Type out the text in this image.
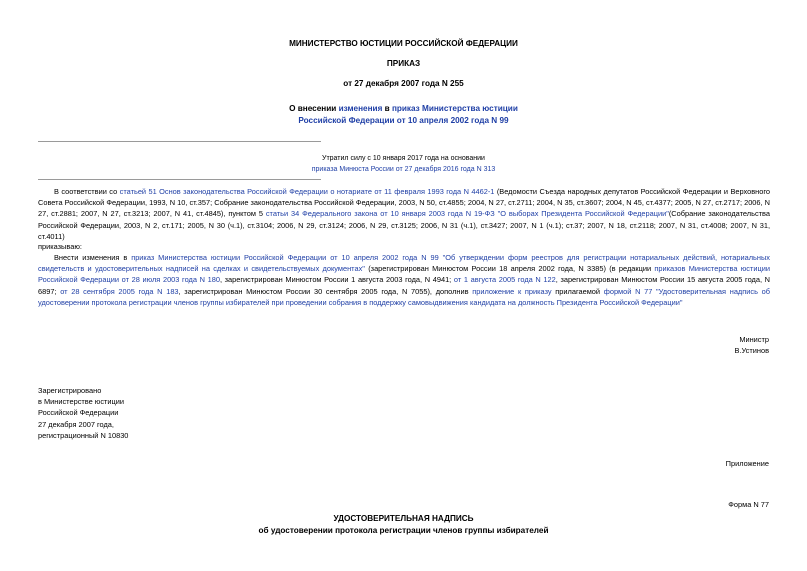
МИНИСТЕРСТВО ЮСТИЦИИ РОССИЙСКОЙ ФЕДЕРАЦИИ
ПРИКАЗ
от 27 декабря 2007 года N 255
О внесении изменения в приказ Министерства юстиции
Российской Федерации от 10 апреля 2002 года N 99
Утратил силу с 10 января 2017 года на основании
приказа Минюста России от 27 декабря 2016 года N 313
В соответствии со статьей 51 Основ законодательства Российской Федерации о нотариате от 11 февраля 1993 года N 4462-1 (Ведомости Съезда народных депутатов Российской Федерации и Верховного Совета Российской Федерации, 1993, N 10, ст.357; Собрание законодательства Российской Федерации, 2003, N 50, ст.4855; 2004, N 27, ст.2711; 2004, N 35, ст.3607; 2004, N 45, ст.4377; 2005, N 27, ст.2717; 2006, N 27, ст.2881; 2007, N 27, ст.3213; 2007, N 41, ст.4845), пунктом 5 статьи 34 Федерального закона от 10 января 2003 года N 19-ФЗ "О выборах Президента Российской Федерации"(Собрание законодательства Российской Федерации, 2003, N 2, ст.171; 2005, N 30 (ч.1), ст.3104; 2006, N 29, ст.3124; 2006, N 29, ст.3125; 2006, N 31 (ч.1), ст.3427; 2007, N 1 (ч.1); ст.37; 2007, N 18, ст.2118; 2007, N 31, ст.4008; 2007, N 31, ст.4011)
приказываю:
Внести изменения в приказ Министерства юстиции Российской Федерации от 10 апреля 2002 года N 99 "Об утверждении форм реестров для регистрации нотариальных действий, нотариальных свидетельств и удостоверительных надписей на сделках и свидетельствуемых документах" (зарегистрирован Минюстом России 18 апреля 2002 года, N 3385) (в редакции приказов Министерства юстиции Российской Федерации от 28 июля 2003 года N 180, зарегистрирован Минюстом России 1 августа 2003 года, N 4941; от 1 августа 2005 года N 122, зарегистрирован Минюстом России 15 августа 2005 года, N 6897; от 28 сентября 2005 года N 183, зарегистрирован Минюстом России 30 сентября 2005 года, N 7055), дополнив приложение к приказу прилагаемой формой N 77 "Удостоверительная надпись об удостоверении протокола регистрации членов группы избирателей при проведении собрания в поддержку самовыдвижения кандидата на должность Президента Российской Федерации"
Министр
В.Устинов
Зарегистрировано
в Министерстве юстиции
Российской Федерации
27 декабря 2007 года,
регистрационный N 10830
Приложение
Форма N 77
УДОСТОВЕРИТЕЛЬНАЯ НАДПИСЬ
об удостоверении протокола регистрации членов группы избирателей
